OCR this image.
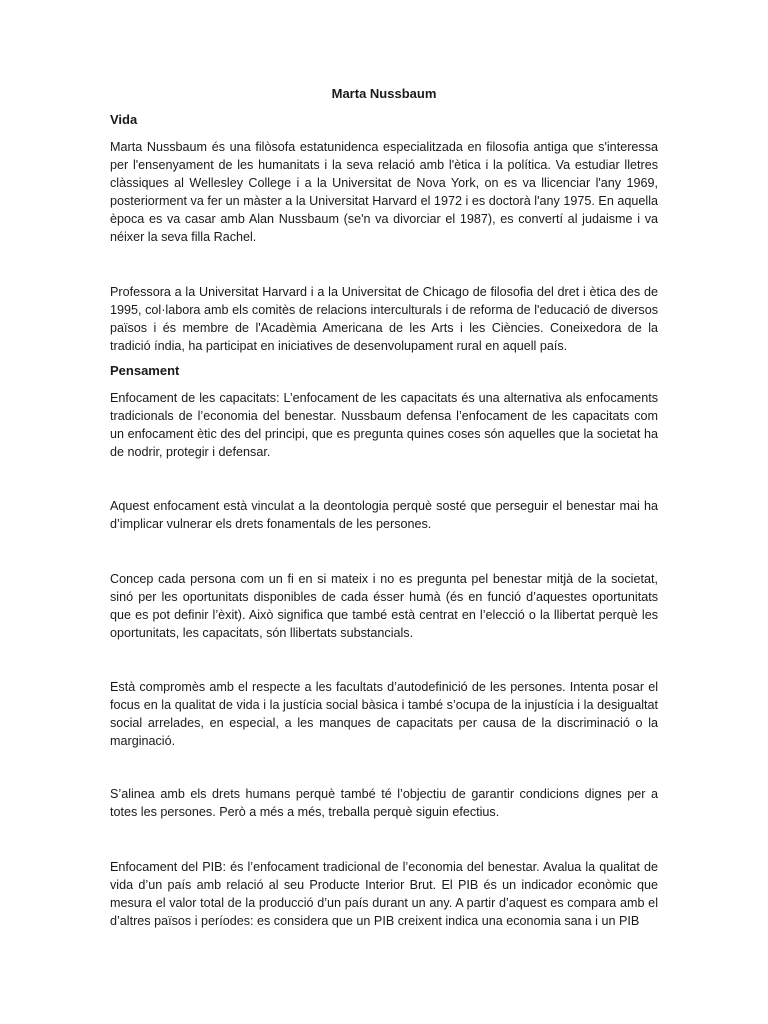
Marta Nussbaum
Vida

Marta Nussbaum és una filòsofa estatunidenca especialitzada en filosofia antiga que s'interessa per l'ensenyament de les humanitats i la seva relació amb l'ètica i la política. Va estudiar lletres clàssiques al Wellesley College i a la Universitat de Nova York, on es va llicenciar l'any 1969, posteriorment va fer un màster a la Universitat Harvard el 1972 i es doctorà l'any 1975. En aquella època es va casar amb Alan Nussbaum (se'n va divorciar el 1987), es convertí al judaisme i va néixer la seva filla Rachel.

Professora a la Universitat Harvard i a la Universitat de Chicago de filosofia del dret i ètica des de 1995, col·labora amb els comitès de relacions interculturals i de reforma de l'educació de diversos països i és membre de l'Acadèmia Americana de les Arts i les Ciències. Coneixedora de la tradició índia, ha participat en iniciatives de desenvolupament rural en aquell país.

Pensament

Enfocament de les capacitats: L’enfocament de les capacitats és una alternativa als enfocaments tradicionals de l’economia del benestar. Nussbaum defensa l’enfocament de les capacitats com un enfocament ètic des del principi, que es pregunta quines coses són aquelles que la societat ha de nodrir, protegir i defensar.

Aquest enfocament està vinculat a la deontologia perquè sosté que perseguir el benestar mai ha d’implicar vulnerar els drets fonamentals de les persones.

Concep cada persona com un fi en si mateix i no es pregunta pel benestar mitjà de la societat, sinó per les oportunitats disponibles de cada ésser humà (és en funció d’aquestes oportunitats que es pot definir l’èxit). Això significa que també està centrat en l’elecció o la llibertat perquè les oportunitats, les capacitats, són llibertats substancials.

Està compromès amb el respecte a les facultats d’autodefinició de les persones. Intenta posar el focus en la qualitat de vida i la justícia social bàsica i també s’ocupa de la injustícia i la desigualtat social arrelades, en especial, a les manques de capacitats per causa de la discriminació o la marginació.

S’alinea amb els drets humans perquè també té l’objectiu de garantir condicions dignes per a totes les persones. Però a més a més, treballa perquè siguin efectius.

Enfocament del PIB: és l’enfocament tradicional de l’economia del benestar. Avalua la qualitat de vida d’un país amb relació al seu Producte Interior Brut. El PIB és un indicador econòmic que mesura el valor total de la producció d’un país durant un any. A partir d’aquest es compara amb el d’altres països i períodes: es considera que un PIB creixent indica una economia sana i un PIB
